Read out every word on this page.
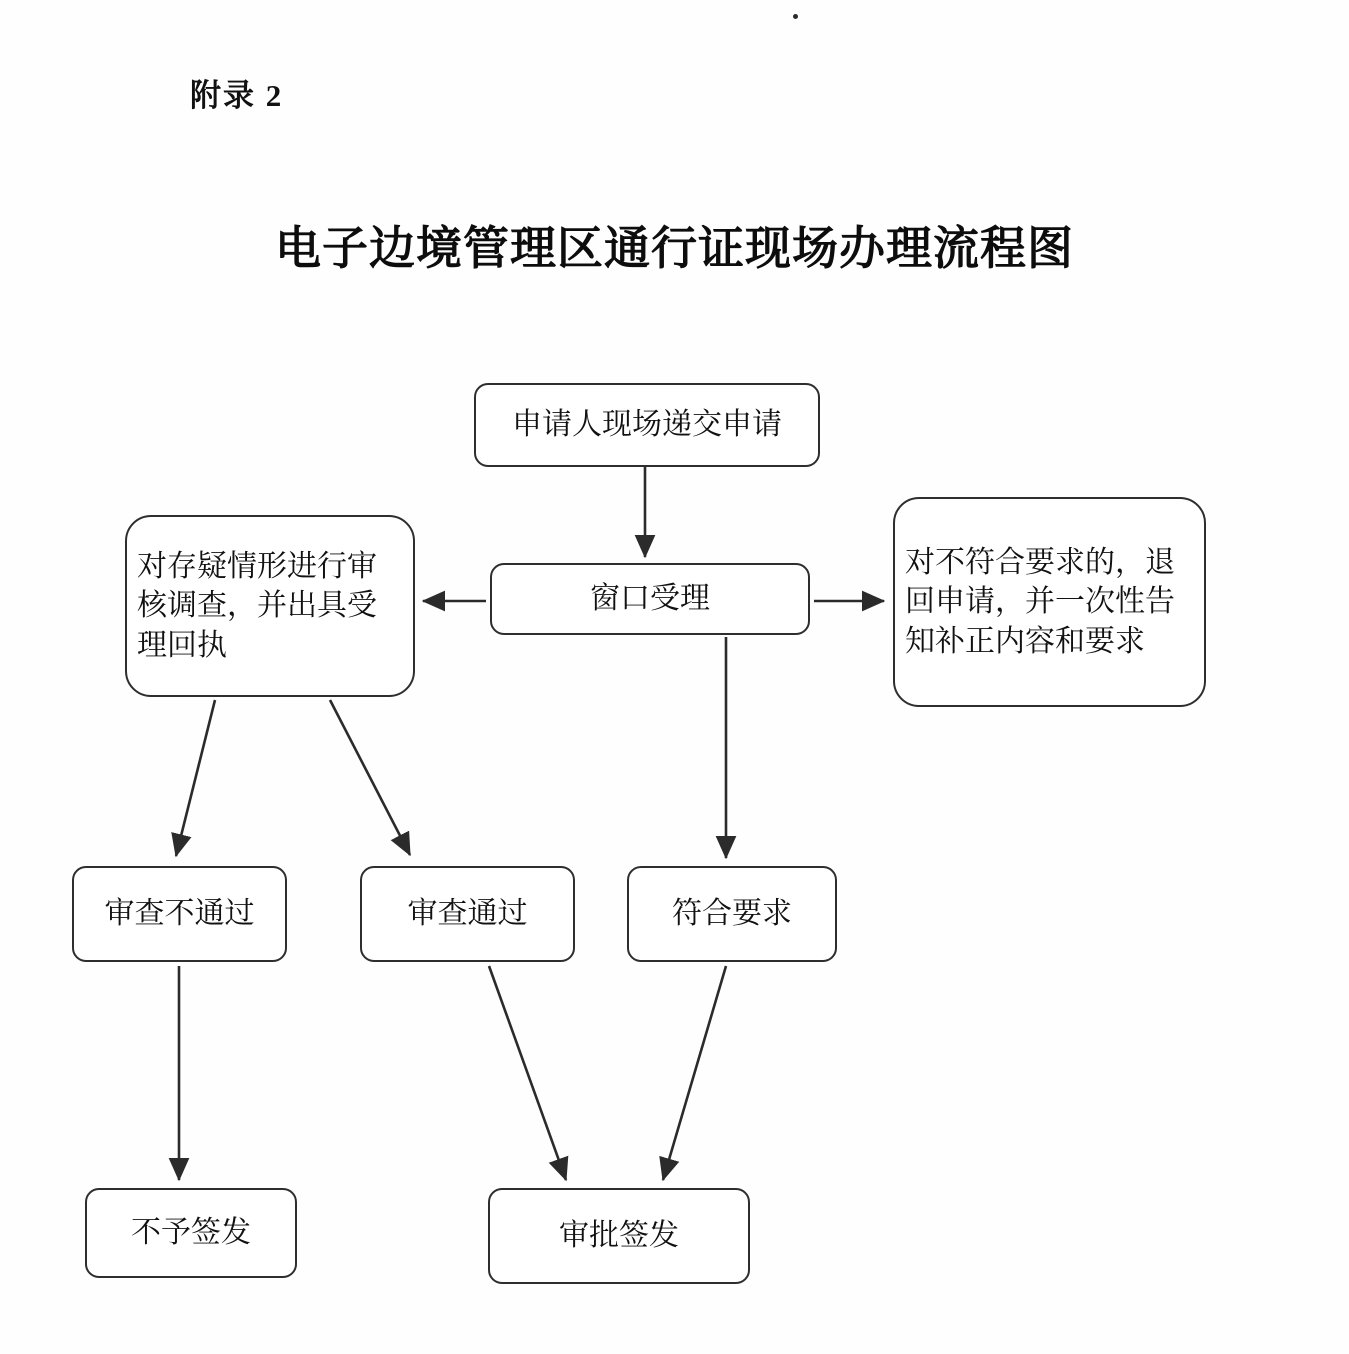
附录 2
电子边境管理区通行证现场办理流程图
申请人现场递交申请
窗口受理
对存疑情形进行审核调查，并出具受理回执
对不符合要求的，退回申请，并一次性告知补正内容和要求
审查不通过	审查通过	符合要求
不予签发	审批签发
